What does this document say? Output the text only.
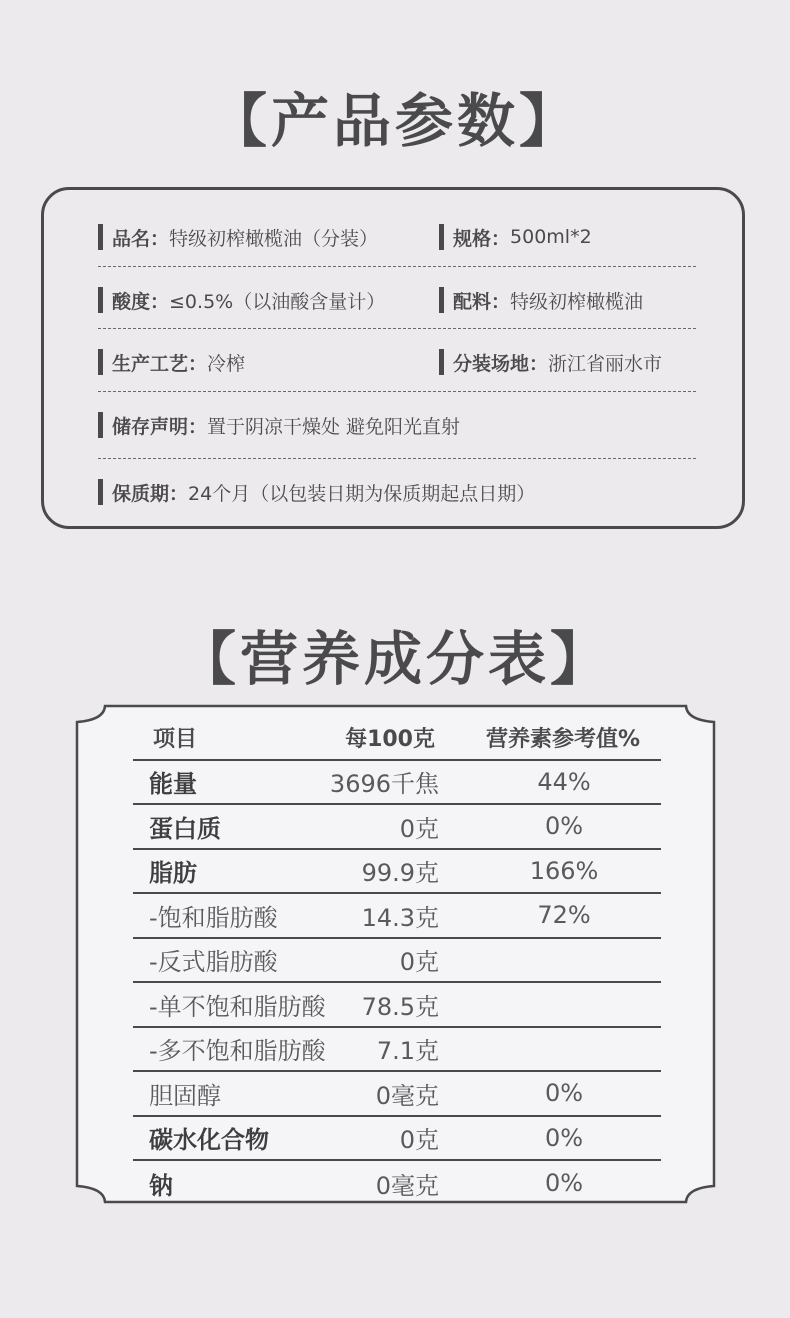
【产品参数】
品名： 特级初榨橄榄油（分装）	规格： 500ml*2
酸度： ≤0.5%（以油酸含量计）	配料： 特级初榨橄榄油
生产工艺： 冷榨	分装场地： 浙江省丽水市
储存声明： 置于阴凉干燥处 避免阳光直射
保质期： 24个月（以包装日期为保质期起点日期）
【营养成分表】
项目	每100克 营养素参考值%
能量	3696千焦	44%
蛋白质	0克	0%
脂肪	99.9克	166%
-饱和脂肪酸	14.3克	72%
-反式脂肪酸	0克
-单不饱和脂肪酸 78.5克
-多不饱和脂肪酸 7.1克
胆固醇	0毫克	0%
碳水化合物	0克	0%
钠	0毫克	0%
